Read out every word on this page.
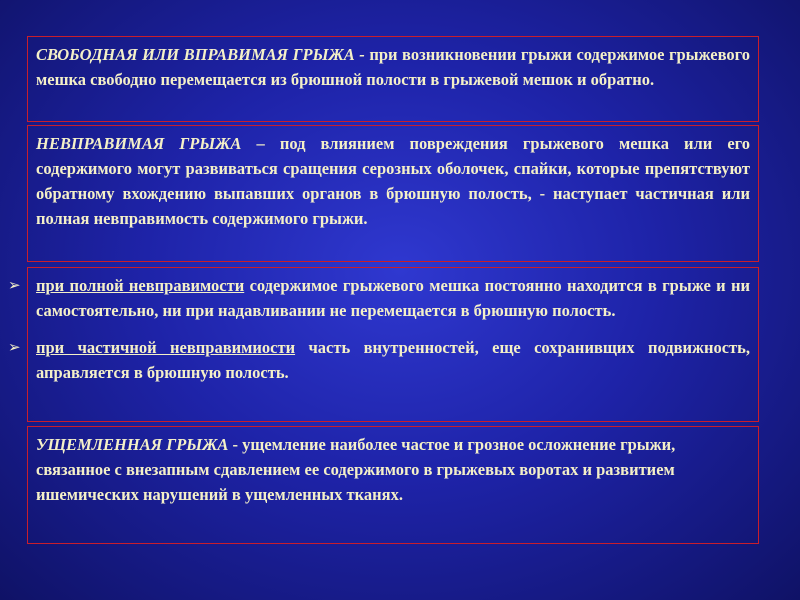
СВОБОДНАЯ ИЛИ ВПРАВИМАЯ ГРЫЖА - при возникновении грыжи содержимое грыжевого мешка свободно перемещается из брюшной полости в грыжевой мешок и обратно.
НЕВПРАВИМАЯ ГРЫЖА – под влиянием повреждения грыжевого мешка или его содержимого могут развиваться сращения серозных оболочек, спайки, которые препятствуют обратному вхождению выпавших органов в брюшную полость, - наступает частичная или полная невправимость содержимого грыжи.
➢ при полной невправимости содержимое грыжевого мешка постоянно находится в грыже и ни самостоятельно, ни при надавливании не перемещается в брюшную полость.
➢ при частичной невправимиости часть внутренностей, еще сохранивщих подвижность, аправляется в брюшную полость.
УЩЕМЛЕННАЯ ГРЫЖА - ущемление наиболее частое и грозное осложнение грыжи, связанное с внезапным сдавлением ее содержимого в грыжевых воротах и развитием ишемических нарушений в ущемленных тканях.
